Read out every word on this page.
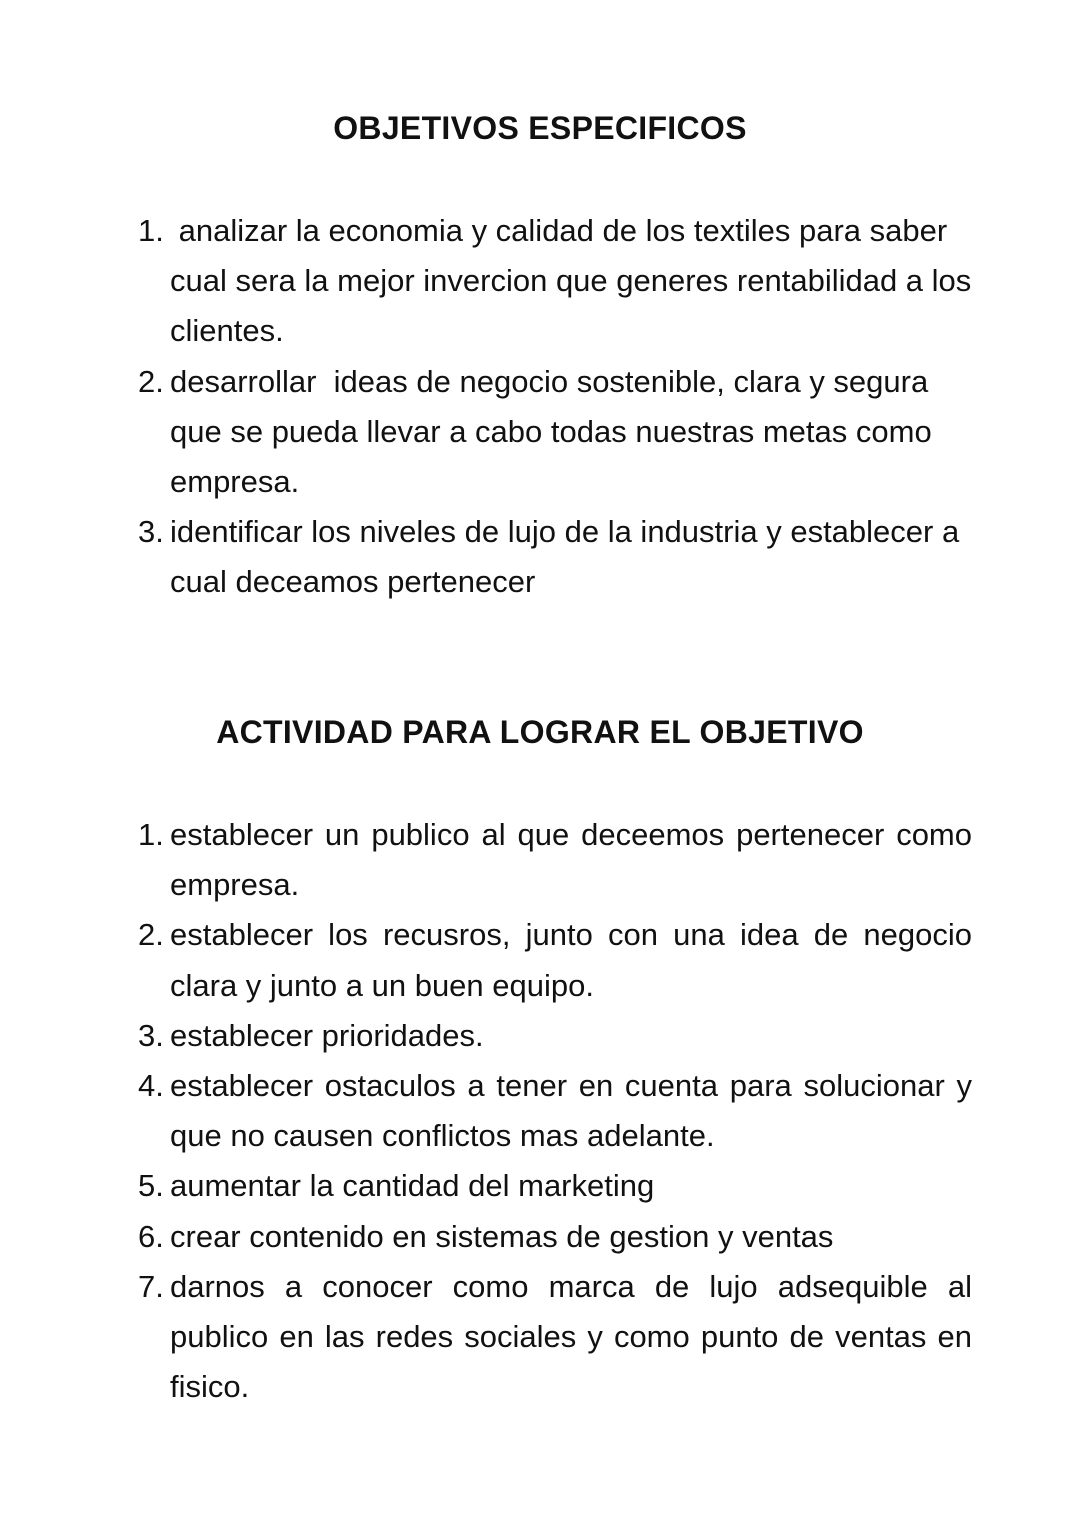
OBJETIVOS ESPECIFICOS
1. analizar la economia y calidad de los textiles para saber cual sera la mejor invercion que generes rentabilidad a los clientes.
2. desarrollar  ideas de negocio sostenible, clara y segura que se pueda llevar a cabo todas nuestras metas como empresa.
3. identificar los niveles de lujo de la industria y establecer a cual deceamos pertenecer
ACTIVIDAD PARA LOGRAR EL OBJETIVO
1. establecer un publico al que deceemos pertenecer como empresa.
2. establecer los recusros, junto con una idea de negocio clara y junto a un buen equipo.
3. establecer prioridades.
4. establecer ostaculos a tener en cuenta para solucionar y que no causen conflictos mas adelante.
5. aumentar la cantidad del marketing
6. crear contenido en sistemas de gestion y ventas
7. darnos a conocer como marca de lujo adsequible al publico en las redes sociales y como punto de ventas en fisico.
